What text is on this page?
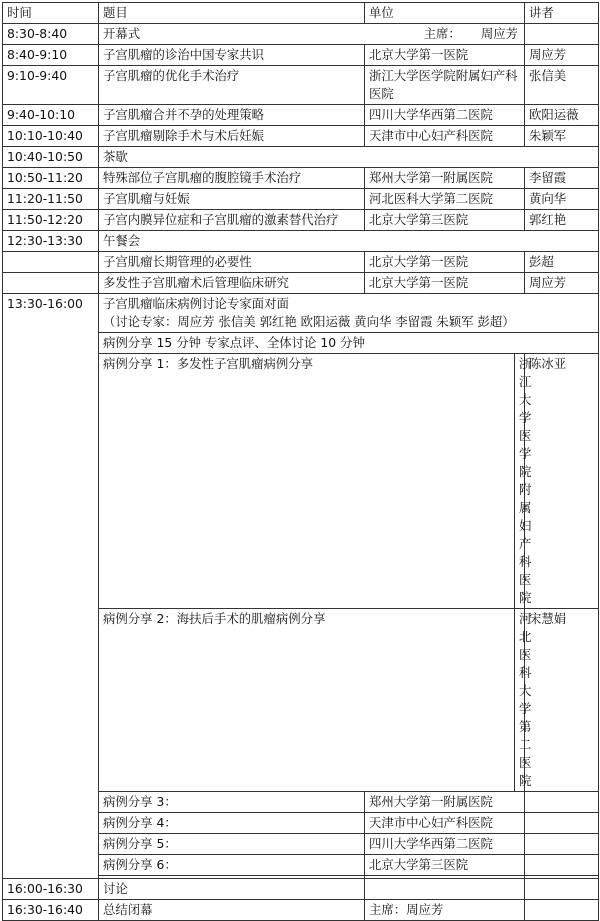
时间	题目	单位		讲者
8:30-8:40	开幕式 主席： 周应芳			

8:40-9:10	子宫肌瘤的诊治中国专家共识	北京大学第一医院		周应芳
9:10-9:40	子宫肌瘤的优化手术治疗	浙江大学医学院附属妇产科医院		张信美
9:40-10:10	子宫肌瘤合并不孕的处理策略	四川大学华西第二医院		欧阳运薇
10:10-10:40	子宫肌瘤剔除手术与术后妊娠	天津市中心妇产科医院		朱颖军
10:40-10:50	茶歇			
10:50-11:20	特殊部位子宫肌瘤的腹腔镜手术治疗	郑州大学第一附属医院		李留霞
11:20-11:50	子宫肌瘤与妊娠	河北医科大学第二医院		黄向华
11:50-12:20	子宫内膜异位症和子宫肌瘤的激素替代治疗	北京大学第三医院		郭红艳
12:30-13:30	午餐会			
	子宫肌瘤长期管理的必要性	北京大学第一医院		彭超
	多发性子宫肌瘤术后管理临床研究	北京大学第一医院		周应芳
13:30-16:00	子宫肌瘤临床病例讨论专家面对面
（讨论专家：周应芳 张信美 郭红艳 欧阳运薇 黄向华 李留霞 朱颖军 彭超）			

	病例分享 15 分钟 专家点评、全体讨论 10 分钟			
	病例分享 1：多发性子宫肌瘤病例分享		浙江大学医学院附属妇产科医院	陈冰亚
	病例分享 2：海扶后手术的肌瘤病例分享		河北医科大学第二医院	宋慧娟
	病例分享 3：	郑州大学第一附属医院		
	病例分享 4：	天津市中心妇产科医院		
	病例分享 5：	四川大学华西第二医院		
	病例分享 6：	北京大学第三医院		

16:00-16:30	讨论			
16:30-16:40	总结闭幕	主席：周应芳		
